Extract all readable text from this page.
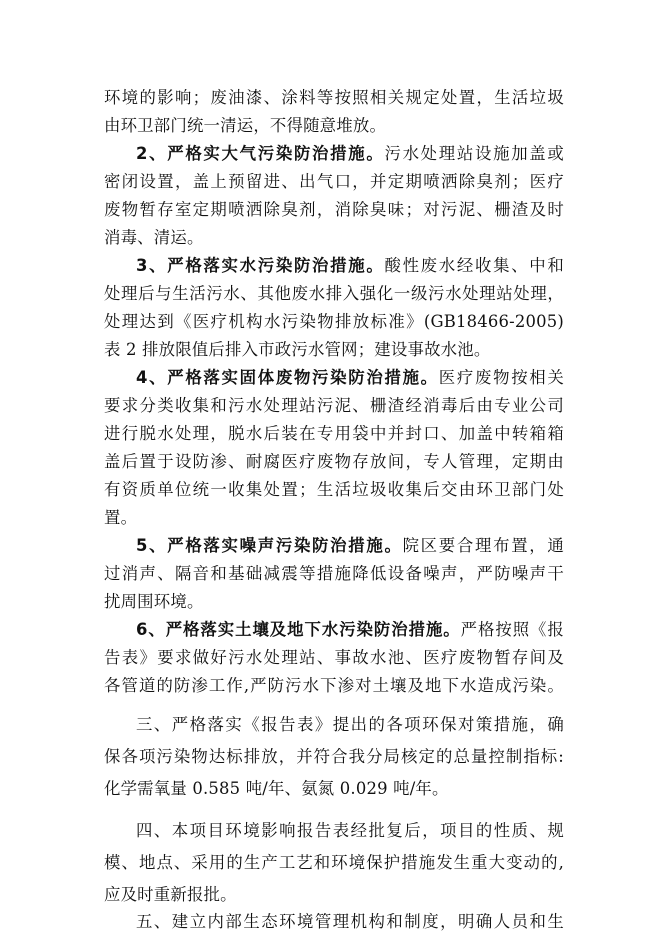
环境的影响；废油漆、涂料等按照相关规定处置，生活垃圾
由环卫部门统一清运，不得随意堆放。
2、严格实大气污染防治措施。污水处理站设施加盖或
密闭设置，盖上预留进、出气口，并定期喷洒除臭剂；医疗
废物暂存室定期喷洒除臭剂，消除臭味；对污泥、栅渣及时
消毒、清运。
3、严格落实水污染防治措施。酸性废水经收集、中和
处理后与生活污水、其他废水排入强化一级污水处理站处理，
处理达到《医疗机构水污染物排放标准》(GB18466-2005)
表 2 排放限值后排入市政污水管网；建设事故水池。
4、严格落实固体废物污染防治措施。医疗废物按相关
要求分类收集和污水处理站污泥、栅渣经消毒后由专业公司
进行脱水处理，脱水后装在专用袋中并封口、加盖中转箱箱
盖后置于设防渗、耐腐医疗废物存放间，专人管理，定期由
有资质单位统一收集处置；生活垃圾收集后交由环卫部门处
置。
5、严格落实噪声污染防治措施。院区要合理布置，通
过消声、隔音和基础减震等措施降低设备噪声，严防噪声干
扰周围环境。
6、严格落实土壤及地下水污染防治措施。严格按照《报
告表》要求做好污水处理站、事故水池、医疗废物暂存间及
各管道的防渗工作,严防污水下渗对土壤及地下水造成污染。
三、严格落实《报告表》提出的各项环保对策措施，确
保各项污染物达标排放，并符合我分局核定的总量控制指标:
化学需氧量 0.585 吨/年、氨氮 0.029 吨/年。
四、本项目环境影响报告表经批复后，项目的性质、规
模、地点、采用的生产工艺和环境保护措施发生重大变动的,
应及时重新报批。
五、建立内部生态环境管理机构和制度，明确人员和生
